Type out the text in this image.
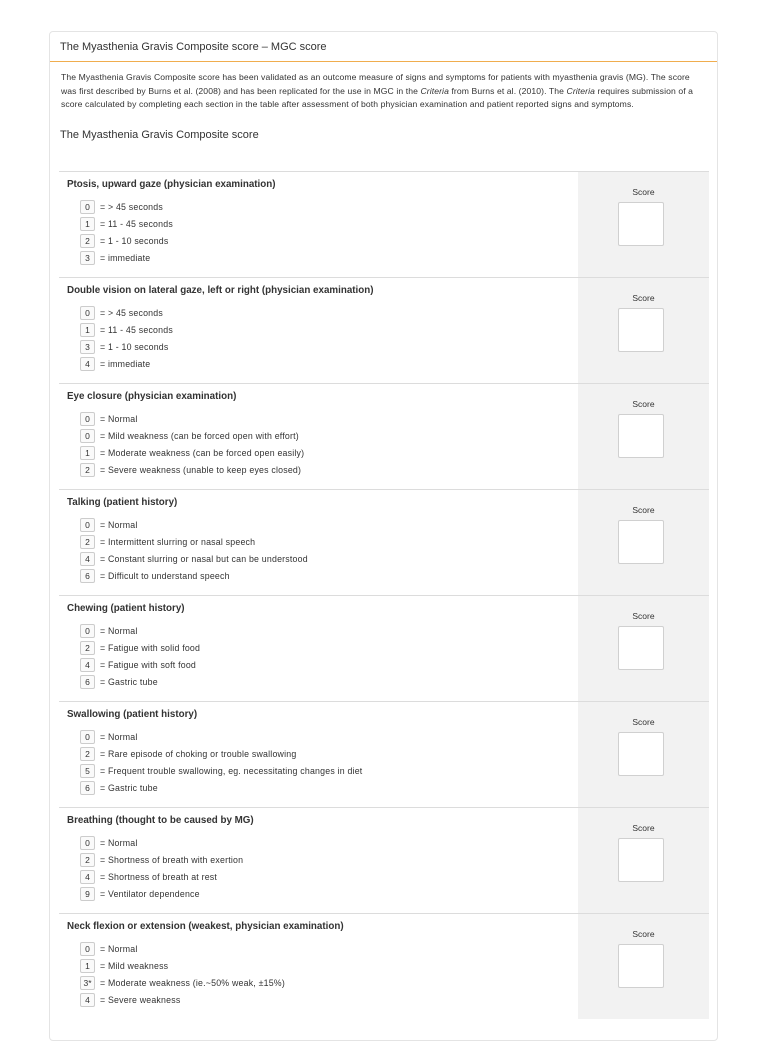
The Myasthenia Gravis Composite score – MGC score
The Myasthenia Gravis Composite score has been validated as an outcome measure of signs and symptoms for patients with myasthenia gravis (MG). The score was first described by Burns et al. (2008) and has been replicated for the use in MGC in the Criteria from Burns et al. (2010). The Criteria requires submission of a score calculated by completing each section in the table after assessment of both physician examination and patient reported signs and symptoms.
The Myasthenia Gravis Composite score
Ptosis, upward gaze (physician examination)
0	= > 45 seconds
1	= 11 - 45 seconds
2	= 1 - 10 seconds
3	= immediate
Score
Double vision on lateral gaze, left or right (physician examination)
0	= > 45 seconds
1	= 11 - 45 seconds
3	= 1 - 10 seconds
4	= immediate
Score
Eye closure (physician examination)
0	= Normal
0	= Mild weakness (can be forced open with effort)
1	= Moderate weakness (can be forced open easily)
2	= Severe weakness (unable to keep eyes closed)
Score
Talking (patient history)
0	= Normal
2	= Intermittent slurring or nasal speech
4	= Constant slurring or nasal but can be understood
6	= Difficult to understand speech
Score
Chewing (patient history)
0	= Normal
2	= Fatigue with solid food
4	= Fatigue with soft food
6	= Gastric tube
Score
Swallowing (patient history)
0	= Normal
2	= Rare episode of choking or trouble swallowing
5	= Frequent trouble swallowing, eg. necessitating changes in diet
6	= Gastric tube
Score
Breathing (thought to be caused by MG)
0	= Normal
2	= Shortness of breath with exertion
4	= Shortness of breath at rest
9	= Ventilator dependence
Score
Neck flexion or extension (weakest, physician examination)
0	= Normal
1	= Mild weakness
3* = Moderate weakness (ie.~50% weak, ±15%)
4	= Severe weakness
Score
